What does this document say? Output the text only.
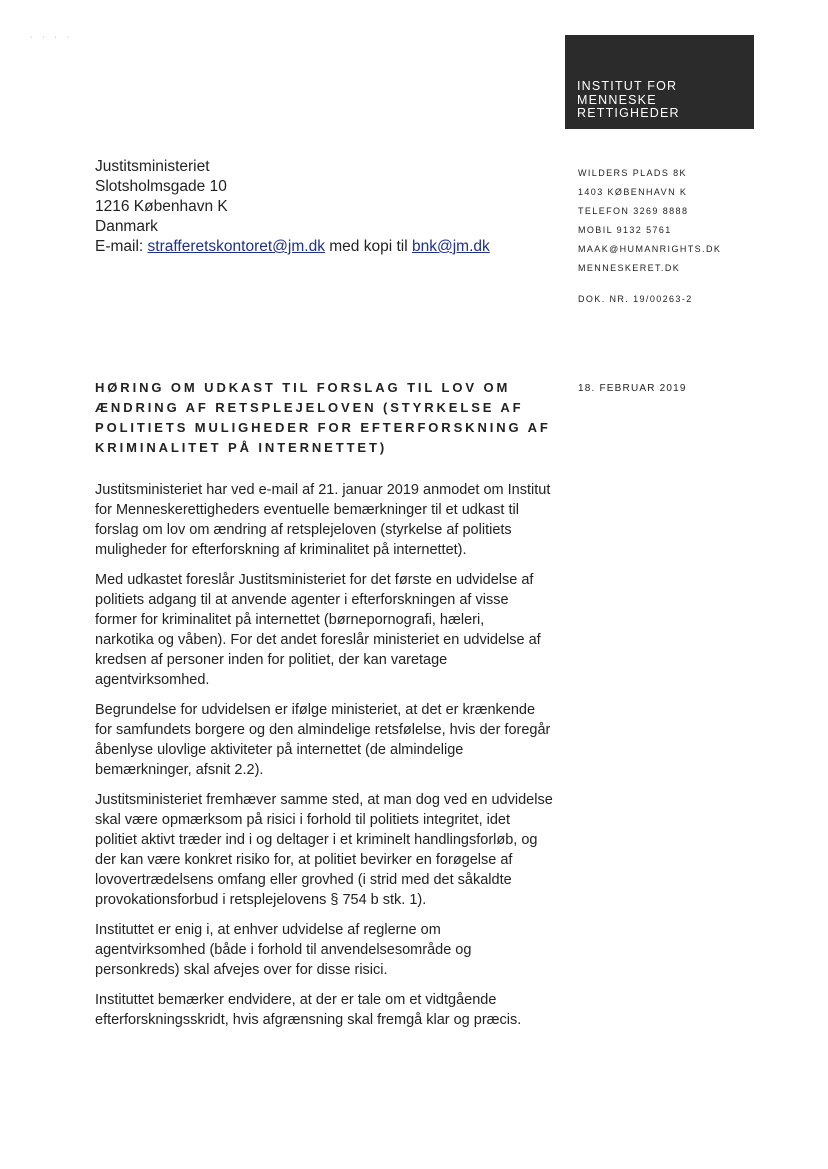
· · · ·
INSTITUT FOR
MENNESKE
RETTIGHEDER
Justitsministeriet
Slotsholmsgade 10
1216 København K
Danmark
E-mail: strafferetskontoret@jm.dk med kopi til bnk@jm.dk
WILDERS PLADS 8K
1403 KØBENHAVN K
TELEFON 3269 8888
MOBIL 9132 5761
MAAK@HUMANRIGHTS.DK
MENNESKERET.DK
DOK. NR. 19/00263-2
18. FEBRUAR 2019
HØRING OM UDKAST TIL FORSLAG TIL LOV OM
ÆNDRING AF RETSPLEJELOVEN (STYRKELSE AF
POLITIETS MULIGHEDER FOR EFTERFORSKNING AF
KRIMINALITET PÅ INTERNETTET)
Justitsministeriet har ved e-mail af 21. januar 2019 anmodet om Institut
for Menneskerettigheders eventuelle bemærkninger til et udkast til
forslag om lov om ændring af retsplejeloven (styrkelse af politiets
muligheder for efterforskning af kriminalitet på internettet).
Med udkastet foreslår Justitsministeriet for det første en udvidelse af
politiets adgang til at anvende agenter i efterforskningen af visse
former for kriminalitet på internettet (børnepornografi, hæleri,
narkotika og våben). For det andet foreslår ministeriet en udvidelse af
kredsen af personer inden for politiet, der kan varetage
agentvirksomhed.
Begrundelse for udvidelsen er ifølge ministeriet, at det er krænkende
for samfundets borgere og den almindelige retsfølelse, hvis der foregår
åbenlyse ulovlige aktiviteter på internettet (de almindelige
bemærkninger, afsnit 2.2).
Justitsministeriet fremhæver samme sted, at man dog ved en udvidelse
skal være opmærksom på risici i forhold til politiets integritet, idet
politiet aktivt træder ind i og deltager i et kriminelt handlingsforløb, og
der kan være konkret risiko for, at politiet bevirker en forøgelse af
lovovertrædelsens omfang eller grovhed (i strid med det såkaldte
provokationsforbud i retsplejelovens § 754 b stk. 1).
Instituttet er enig i, at enhver udvidelse af reglerne om
agentvirksomhed (både i forhold til anvendelsesområde og
personkreds) skal afvejes over for disse risici.
Instituttet bemærker endvidere, at der er tale om et vidtgående
efterforskningsskridt, hvis afgrænsning skal fremgå klar og præcis.
